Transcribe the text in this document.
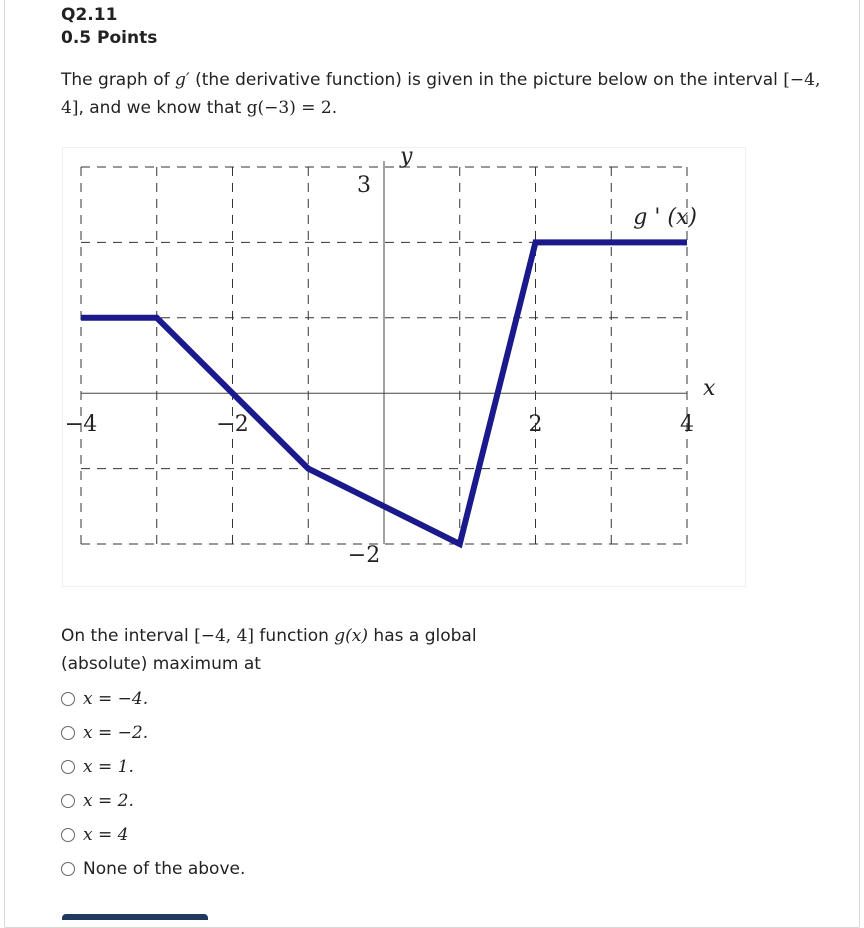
Q2.11
0.5 Points
The graph of g′ (the derivative function) is given in the picture below on the interval [−4, 4], and we know that g(−3) = 2.
x
y
−4	−2	2	4
3
−2
g ' (x)
On the interval [−4, 4] function g(x) has a global (absolute) maximum at
x = −4.
x = −2.
x = 1.
x = 2.
x = 4
None of the above.
